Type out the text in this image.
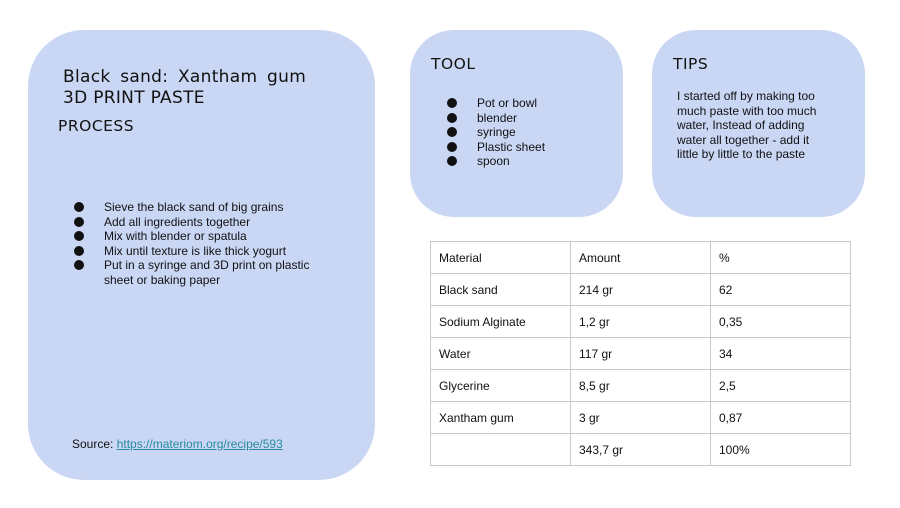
Black sand: Xantham gum
3D PRINT PASTE
PROCESS
Sieve the black sand of big grains
Add all ingredients together
Mix with blender or spatula
Mix until texture is like thick yogurt
Put in a syringe and 3D print on plastic sheet or baking paper
Source: https://materiom.org/recipe/593
TOOL
Pot or bowl
blender
syringe
Plastic sheet
spoon
TIPS
I started off by making too much paste with too much water, Instead of adding water all together - add it little by little to the paste
Material	Amount	%
Black sand	214 gr	62
Sodium Alginate	1,2 gr	0,35
Water	117 gr	34
Glycerine	8,5 gr	2,5
Xantham gum	3 gr	0,87
	343,7 gr	100%
